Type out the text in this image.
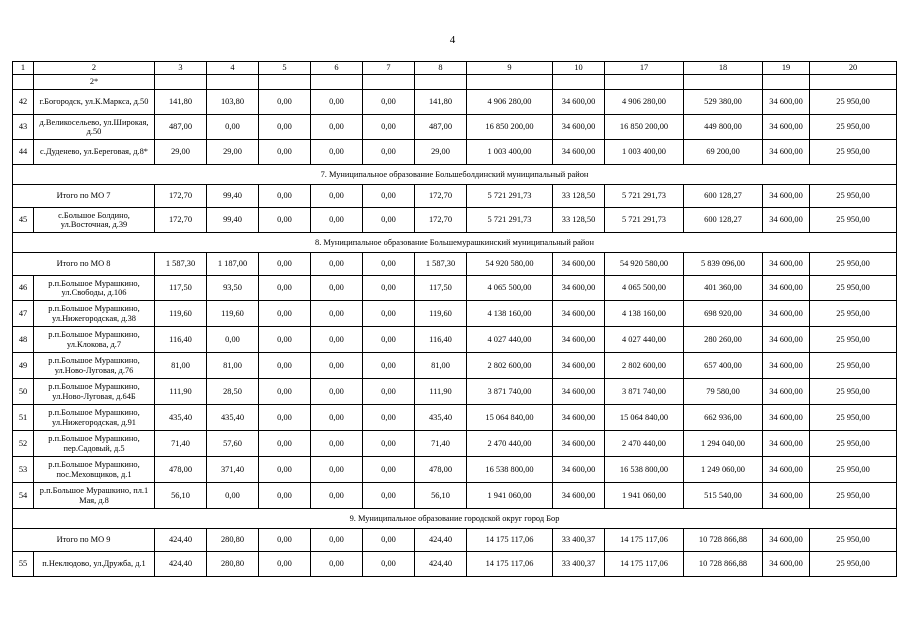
4
1	2	3	4	5	6	7	8	9	10	17	18	19	20
	2*												
42	г.Богородск, ул.К.Маркса, д.50	141,80	103,80	0,00	0,00	0,00	141,80	4 906 280,00	34 600,00	4 906 280,00	529 380,00	34 600,00	25 950,00
43	д.Великосельево, ул.Широкая, д.50	487,00	0,00	0,00	0,00	0,00	487,00	16 850 200,00	34 600,00	16 850 200,00	449 800,00	34 600,00	25 950,00
44	с.Дуденево, ул.Береговая, д.8*	29,00	29,00	0,00	0,00	0,00	29,00	1 003 400,00	34 600,00	1 003 400,00	69 200,00	34 600,00	25 950,00
7. Муниципальное образование Большеболдинский муниципальный район													
Итого по МО 7		172,70	99,40	0,00	0,00	0,00	172,70	5 721 291,73	33 128,50	5 721 291,73	600 128,27	34 600,00	25 950,00
45	с.Большое Болдино, ул.Восточная, д.39	172,70	99,40	0,00	0,00	0,00	172,70	5 721 291,73	33 128,50	5 721 291,73	600 128,27	34 600,00	25 950,00
8. Муниципальное образование Большемурашкинский муниципальный район													
Итого по МО 8		1 587,30	1 187,00	0,00	0,00	0,00	1 587,30	54 920 580,00	34 600,00	54 920 580,00	5 839 096,00	34 600,00	25 950,00
46	р.п.Большое Мурашкино, ул.Свободы, д.106	117,50	93,50	0,00	0,00	0,00	117,50	4 065 500,00	34 600,00	4 065 500,00	401 360,00	34 600,00	25 950,00
47	р.п.Большое Мурашкино, ул.Нижегородская, д.38	119,60	119,60	0,00	0,00	0,00	119,60	4 138 160,00	34 600,00	4 138 160,00	698 920,00	34 600,00	25 950,00
48	р.п.Большое Мурашкино, ул.Клокова, д.7	116,40	0,00	0,00	0,00	0,00	116,40	4 027 440,00	34 600,00	4 027 440,00	280 260,00	34 600,00	25 950,00
49	р.п.Большое Мурашкино, ул.Ново-Луговая, д.76	81,00	81,00	0,00	0,00	0,00	81,00	2 802 600,00	34 600,00	2 802 600,00	657 400,00	34 600,00	25 950,00
50	р.п.Большое Мурашкино, ул.Ново-Луговая, д.64Б	111,90	28,50	0,00	0,00	0,00	111,90	3 871 740,00	34 600,00	3 871 740,00	79 580,00	34 600,00	25 950,00
51	р.п.Большое Мурашкино, ул.Нижегородская, д.91	435,40	435,40	0,00	0,00	0,00	435,40	15 064 840,00	34 600,00	15 064 840,00	662 936,00	34 600,00	25 950,00
52	р.п.Большое Мурашкино, пер.Садовый, д.5	71,40	57,60	0,00	0,00	0,00	71,40	2 470 440,00	34 600,00	2 470 440,00	1 294 040,00	34 600,00	25 950,00
53	р.п.Большое Мурашкино, пос.Меховщиков, д.1	478,00	371,40	0,00	0,00	0,00	478,00	16 538 800,00	34 600,00	16 538 800,00	1 249 060,00	34 600,00	25 950,00
54	р.п.Большое Мурашкино, пл.1 Мая, д.8	56,10	0,00	0,00	0,00	0,00	56,10	1 941 060,00	34 600,00	1 941 060,00	515 540,00	34 600,00	25 950,00
9. Муниципальное образование городской округ город Бор													
Итого по МО 9		424,40	280,80	0,00	0,00	0,00	424,40	14 175 117,06	33 400,37	14 175 117,06	10 728 866,88	34 600,00	25 950,00
55	п.Неклюдово, ул.Дружба, д.1	424,40	280,80	0,00	0,00	0,00	424,40	14 175 117,06	33 400,37	14 175 117,06	10 728 866,88	34 600,00	25 950,00
